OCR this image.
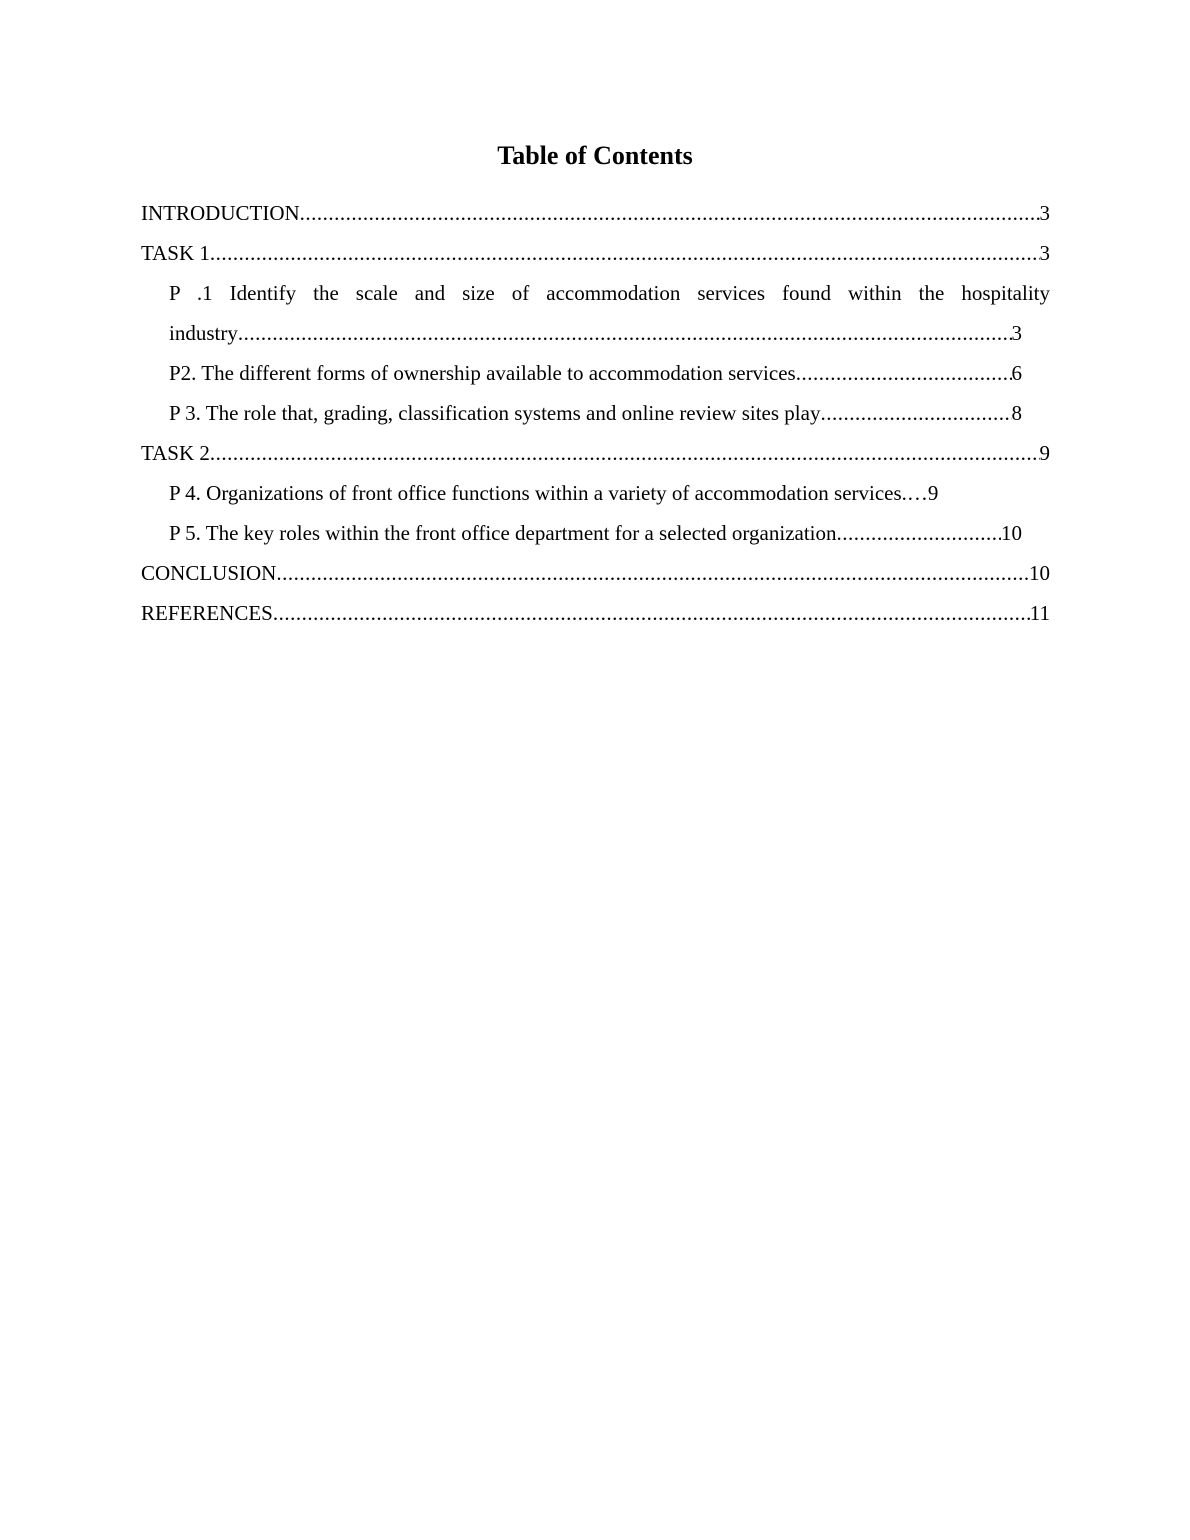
Table of Contents
INTRODUCTION .....	3
TASK 1 .....	3
P .1 Identify the scale and size of accommodation services found within the hospitality
industry .....	3
P2. The different forms of ownership available to accommodation services .....	6
P 3. The role that, grading, classification systems and online review sites play .....	8
TASK 2 .....	9
P 4. Organizations of front office functions within a variety of accommodation services.… 9
P 5. The key roles within the front office department for a selected organization .....	10
CONCLUSION .....	10
REFERENCES .....	11
